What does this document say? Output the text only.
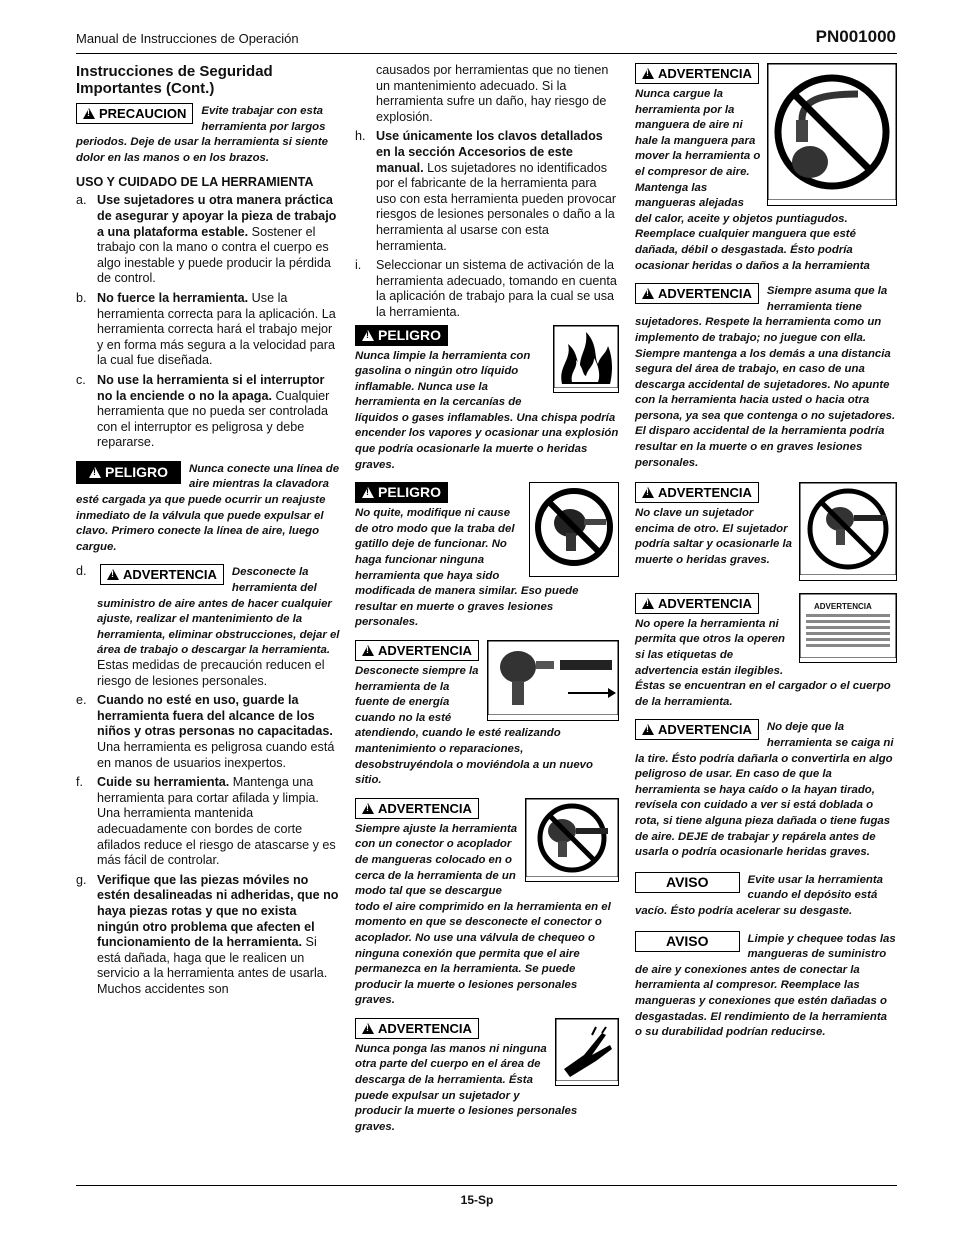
Manual de Instrucciones de Operación	PN001000
Instrucciones de Seguridad Importantes (Cont.)
!
PRECAUCION Evite trabajar con esta herramienta por largos periodos. Deje de usar la herramienta si siente dolor en las manos o en los brazos.
USO Y CUIDADO DE LA HERRAMIENTA
a. Use sujetadores u otra manera práctica de asegurar y apoyar la pieza de trabajo a una plataforma estable. Sostener el trabajo con la mano o contra el cuerpo es algo inestable y puede producir la pérdida de control.
b. No fuerce la herramienta. Use la herramienta correcta para la aplicación. La herramienta correcta hará el trabajo mejor y en forma más segura a la velocidad para la cual fue diseñada.
c. No use la herramienta si el interruptor no la enciende o no la apaga. Cualquier herramienta que no pueda ser controlada con el interruptor es peligrosa y debe repararse.
!
PELIGRO Nunca conecte una línea de aire mientras la clavadora esté cargada ya que puede ocurrir un reajuste inmediato de la válvula que puede expulsar el clavo. Primero conecte la línea de aire, luego cargue.
d.
!	ADVERTENCIA Desconecte la herramienta del suministro de aire antes de hacer cualquier ajuste, realizar el mantenimiento de la herramienta, eliminar obstrucciones, dejar el área de trabajo o descargar la herramienta. Estas medidas de precaución reducen el riesgo de lesiones personales.
e. Cuando no esté en uso, guarde la herramienta fuera del alcance de los niños y otras personas no capacitadas. Una herramienta es peligrosa cuando está en manos de usuarios inexpertos.
f. Cuide su herramienta. Mantenga una herramienta para cortar afilada y limpia. Una herramienta mantenida adecuadamente con bordes de corte afilados reduce el riesgo de atascarse y es más fácil de controlar.
g. Verifique que las piezas móviles no estén desalineadas ni adheridas, que no haya piezas rotas y que no exista ningún otro problema que afecten el funcionamiento de la herramienta. Si está dañada, haga que le realicen un servicio a la herramienta antes de usarla. Muchos accidentes son
causados por herramientas que no tienen un mantenimiento adecuado. Si la herramienta sufre un daño, hay riesgo de explosión.
h. Use únicamente los clavos detallados en la sección Accesorios de este manual. Los sujetadores no identificados por el fabricante de la herramienta para uso con esta herramienta pueden provocar riesgos de lesiones personales o daño a la herramienta al usarse con esta herramienta.
i. Seleccionar un sistema de activación de la herramienta adecuado, tomando en cuenta la aplicación de trabajo para la cual se usa la herramienta.
!
PELIGRO
Nunca limpie la herramienta con gasolina o ningún otro líquido inflamable. Nunca use la herramienta en la cercanías de líquidos o gases inflamables. Una chispa podría encender los vapores y ocasionar una explosión que podría ocasionarle la muerte o heridas graves.
!
PELIGRO
No quite, modifique ni cause de otro modo que la traba del gatillo deje de funcionar. No haga funcionar ninguna herramienta que haya sido modificada de manera similar. Eso puede resultar en muerte o graves lesiones personales.
!
ADVERTENCIA
Desconecte siempre la herramienta de la fuente de energía cuando no la esté atendiendo, cuando le esté realizando mantenimiento o reparaciones, desobstruyéndola o moviéndola a un nuevo sitio.
!
ADVERTENCIA
Siempre ajuste la herramienta con un conector o acoplador de mangueras colocado en o cerca de la herramienta de un modo tal que se descargue todo el aire comprimido en la herramienta en el momento en que se desconecte el conector o acoplador. No use una válvula de chequeo o ninguna conexión que permita que el aire permanezca en la herramienta. Se puede producir la muerte o lesiones personales graves.
!
ADVERTENCIA
Nunca ponga las manos ni ninguna otra parte del cuerpo en el área de descarga de la herramienta. Ésta puede expulsar un sujetador y producir la muerte o lesiones personales graves.
!
ADVERTENCIA
Nunca cargue la herramienta por la manguera de aire ni hale la manguera para mover la herramienta o el compresor de aire. Mantenga las mangueras alejadas del calor, aceite y objetos puntiagudos. Reemplace cualquier manguera que esté dañada, débil o desgastada. Ésto podría ocasionar heridas o daños a la herramienta
!
ADVERTENCIA Siempre asuma que la herramienta tiene sujetadores. Respete la herramienta como un implemento de trabajo; no juegue con ella. Siempre mantenga a los demás a una distancia segura del área de trabajo, en caso de una descarga accidental de sujetadores. No apunte con la herramienta hacia usted o hacia otra persona, ya sea que contenga o no sujetadores. El disparo accidental de la herramienta podría resultar en la muerte o en graves lesiones personales.
!
ADVERTENCIA
No clave un sujetador encima de otro. El sujetador podría saltar y ocasionarle la muerte o heridas graves.
ADVERTENCIA
!
ADVERTENCIA
No opere la herramienta ni permita que otros la operen si las etiquetas de advertencia están ilegibles. Éstas se encuentran en el cargador o el cuerpo de la herramienta.
!
ADVERTENCIA No deje que la herramienta se caiga ni la tire. Ésto podría dañarla o convertirla en algo peligroso de usar. En caso de que la herramienta se haya caído o la hayan tirado, revísela con cuidado a ver si está doblada o rota, si tiene alguna pieza dañada o tiene fugas de aire. DEJE de trabajar y repárela antes de usarla o podría ocasionarle heridas graves.
AVISO	Evite usar la herramienta cuando el depósito está vacío. Ésto podría acelerar su desgaste.
AVISO	Limpie y chequee todas las mangueras de suministro de aire y conexiones antes de conectar la herramienta al compresor. Reemplace las mangueras y conexiones que estén dañadas o desgastadas. El rendimiento de la herramienta o su durabilidad podrían reducirse.
15-Sp
